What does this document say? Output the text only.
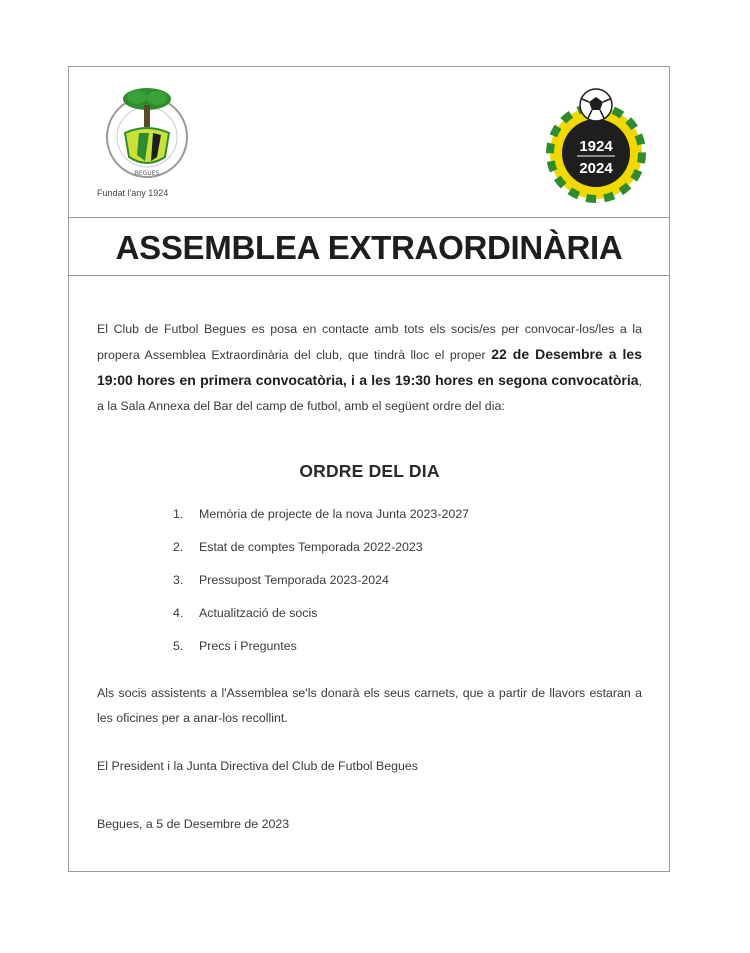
BEGUES
Fundat l'any 1924
1924
2024
ASSEMBLEA EXTRAORDINÀRIA

El Club de Futbol Begues es posa en contacte amb tots els socis/es per convocar-los/les a la propera Assemblea Extraordinària del club, que tindrà lloc el proper 22 de Desembre a les 19:00 hores en primera convocatòria, i a les 19:30 hores en segona convocatòria, a la Sala Annexa del Bar del camp de futbol, amb el següent ordre del dia:

ORDRE DEL DIA
1. Memòria de projecte de la nova Junta 2023-2027
2. Estat de comptes Temporada 2022-2023
3. Pressupost Temporada 2023-2024
4. Actualització de socis
5. Precs i Preguntes

Als socis assistents a l'Assemblea se'ls donarà els seus carnets, que a partir de llavors estaran a les oficines per a anar-los recollint.

El President i la Junta Directiva del Club de Futbol Begues
Begues, a 5 de Desembre de 2023
